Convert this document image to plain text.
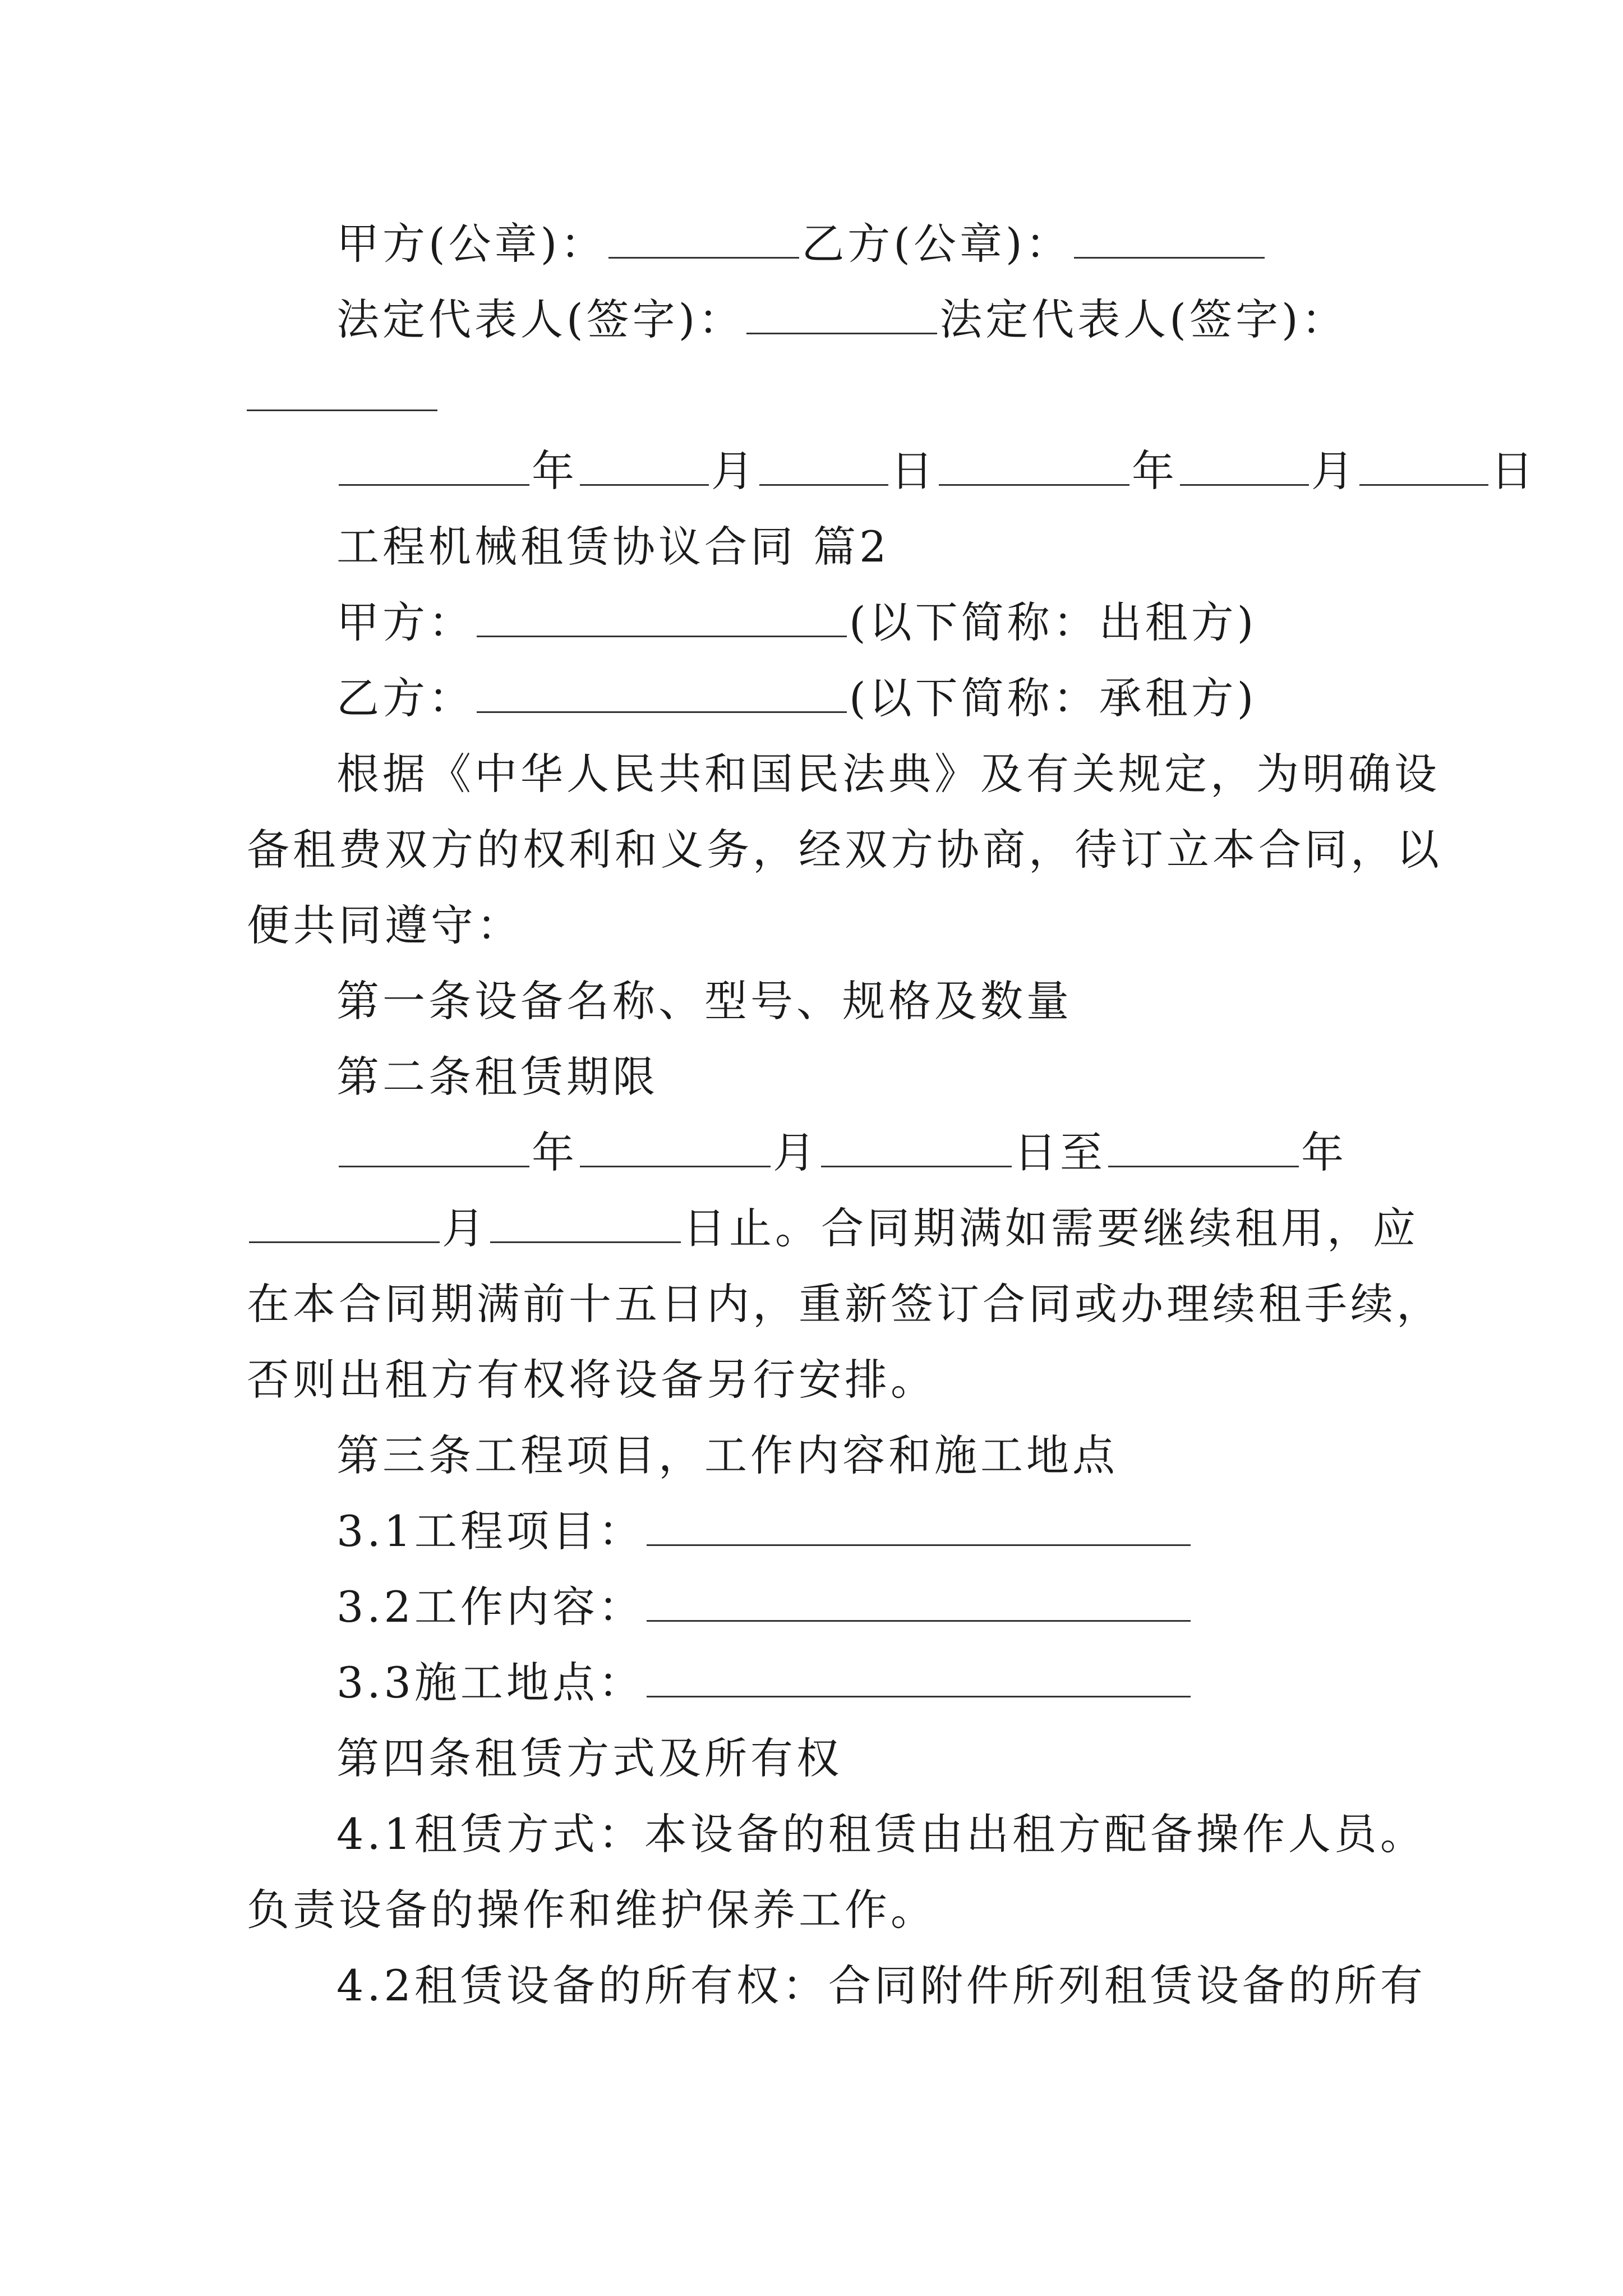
甲方(公章)：	乙方(公章)：
法定代表人(签字)：	法定代表人(签字)：
年	月	日	年	月	日
工程机械租赁协议合同 篇2
甲方：	(以下简称：出租方)
乙方：	(以下简称：承租方)
根据《中华人民共和国民法典》及有关规定，为明确设
备租费双方的权利和义务，经双方协商，待订立本合同，以
便共同遵守：
第一条设备名称、型号、规格及数量
第二条租赁期限
年	月	日至	年
月	日止。合同期满如需要继续租用，应
在本合同期满前十五日内，重新签订合同或办理续租手续，
否则出租方有权将设备另行安排。
第三条工程项目，工作内容和施工地点
3.1工程项目：
3.2工作内容：
3.3施工地点：
第四条租赁方式及所有权
4.1租赁方式：本设备的租赁由出租方配备操作人员。
负责设备的操作和维护保养工作。
4.2租赁设备的所有权：合同附件所列租赁设备的所有
